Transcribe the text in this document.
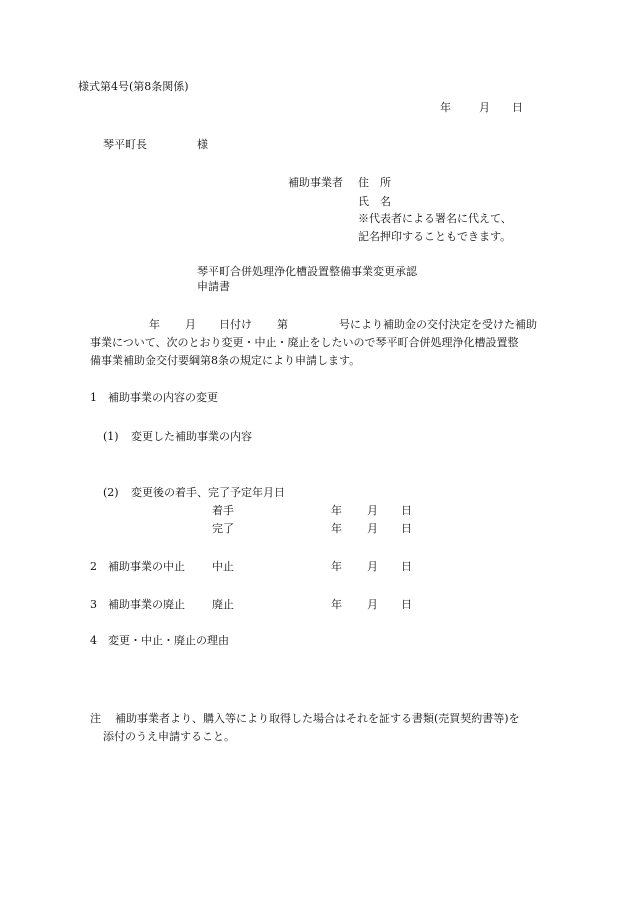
様式第4号(第8条関係)
年	月 日
琴平町長	様
補助事業者 住　所
氏　名
※代表者による署名に代えて、
記名押印することもできます。
琴平町合併処理浄化槽設置整備事業変更承認
申請書
年 月 日付け 第	号により補助金の交付決定を受けた補助
事業について、次のとおり変更・中止・廃止をしたいので琴平町合併処理浄化槽設置整
備事業補助金交付要綱第8条の規定により申請します。
1 補助事業の内容の変更
(1) 変更した補助事業の内容
(2) 変更後の着手、完了予定年月日
着手	年 月 日
完了	年 月 日
2 補助事業の中止 中止	年 月 日
3 補助事業の廃止 廃止	年 月 日
4 変更・中止・廃止の理由
注 補助事業者より、購入等により取得した場合はそれを証する書類(売買契約書等)を
添付のうえ申請すること。
